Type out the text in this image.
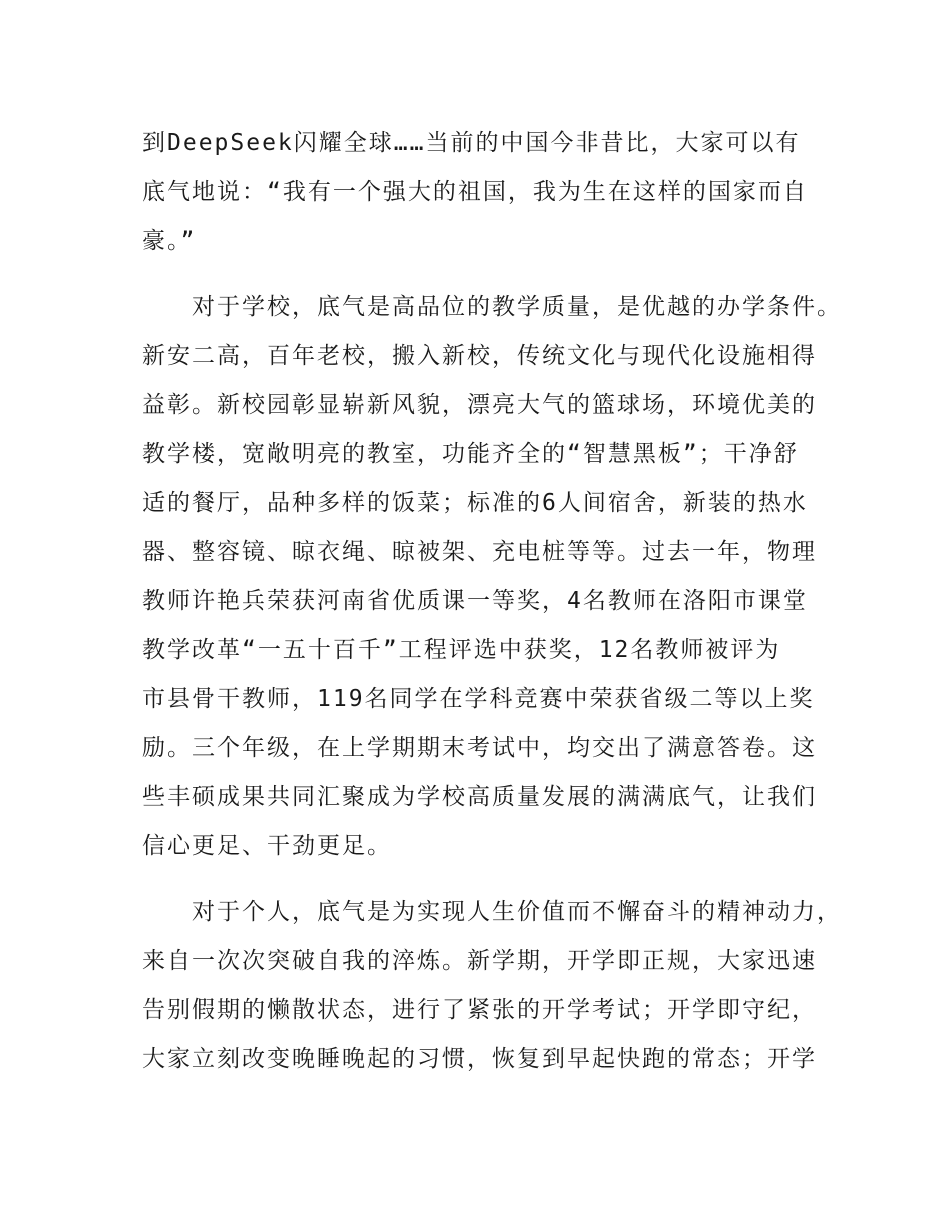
到DeepSeek闪耀全球……当前的中国今非昔比，大家可以有
底气地说：“我有一个强大的祖国，我为生在这样的国家而自
豪。”
　　对于学校，底气是高品位的教学质量，是优越的办学条件。
新安二高，百年老校，搬入新校，传统文化与现代化设施相得
益彰。新校园彰显崭新风貌，漂亮大气的篮球场，环境优美的
教学楼，宽敞明亮的教室，功能齐全的“智慧黑板”；干净舒
适的餐厅，品种多样的饭菜；标准的6人间宿舍，新装的热水
器、整容镜、晾衣绳、晾被架、充电桩等等。过去一年，物理
教师许艳兵荣获河南省优质课一等奖，4名教师在洛阳市课堂
教学改革“一五十百千”工程评选中获奖，12名教师被评为
市县骨干教师，119名同学在学科竞赛中荣获省级二等以上奖
励。三个年级，在上学期期末考试中，均交出了满意答卷。这
些丰硕成果共同汇聚成为学校高质量发展的满满底气，让我们
信心更足、干劲更足。
　　对于个人，底气是为实现人生价值而不懈奋斗的精神动力，
来自一次次突破自我的淬炼。新学期，开学即正规，大家迅速
告别假期的懒散状态，进行了紧张的开学考试；开学即守纪，
大家立刻改变晚睡晚起的习惯，恢复到早起快跑的常态；开学
